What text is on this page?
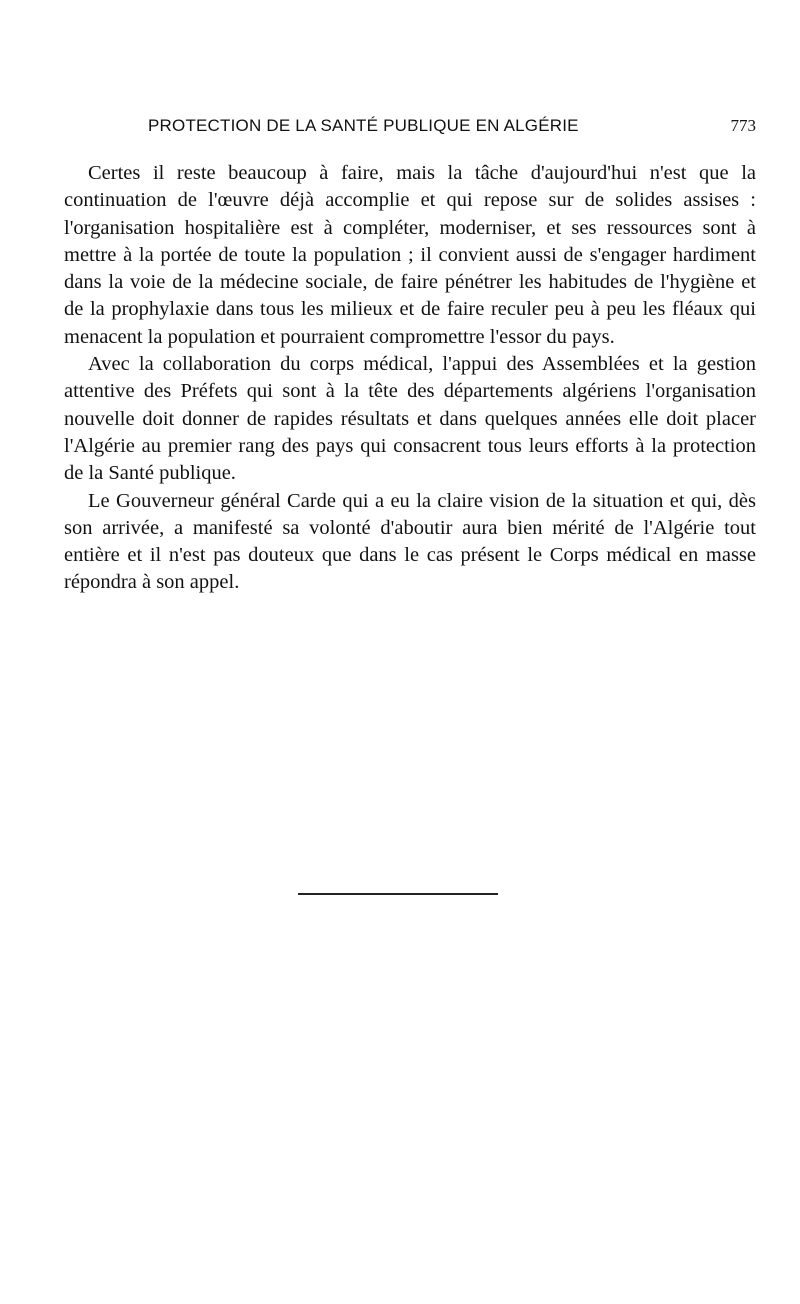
PROTECTION DE LA SANTÉ PUBLIQUE EN ALGÉRIE	773

Certes il reste beaucoup à faire, mais la tâche d'aujourd'hui n'est que la continuation de l'œuvre déjà accomplie et qui repose sur de solides assises : l'organisation hospitalière est à compléter, moderniser, et ses ressources sont à mettre à la portée de toute la population ; il convient aussi de s'engager hardiment dans la voie de la médecine sociale, de faire pénétrer les habitudes de l'hygiène et de la prophylaxie dans tous les milieux et de faire reculer peu à peu les fléaux qui menacent la population et pourraient compromettre l'essor du pays.

Avec la collaboration du corps médical, l'appui des Assemblées et la gestion attentive des Préfets qui sont à la tête des départements algériens l'organisation nouvelle doit donner de rapides résultats et dans quelques années elle doit placer l'Algérie au premier rang des pays qui consacrent tous leurs efforts à la protection de la Santé publique.

Le Gouverneur général Carde qui a eu la claire vision de la situation et qui, dès son arrivée, a manifesté sa volonté d'aboutir aura bien mérité de l'Algérie tout entière et il n'est pas douteux que dans le cas présent le Corps médical en masse répondra à son appel.
